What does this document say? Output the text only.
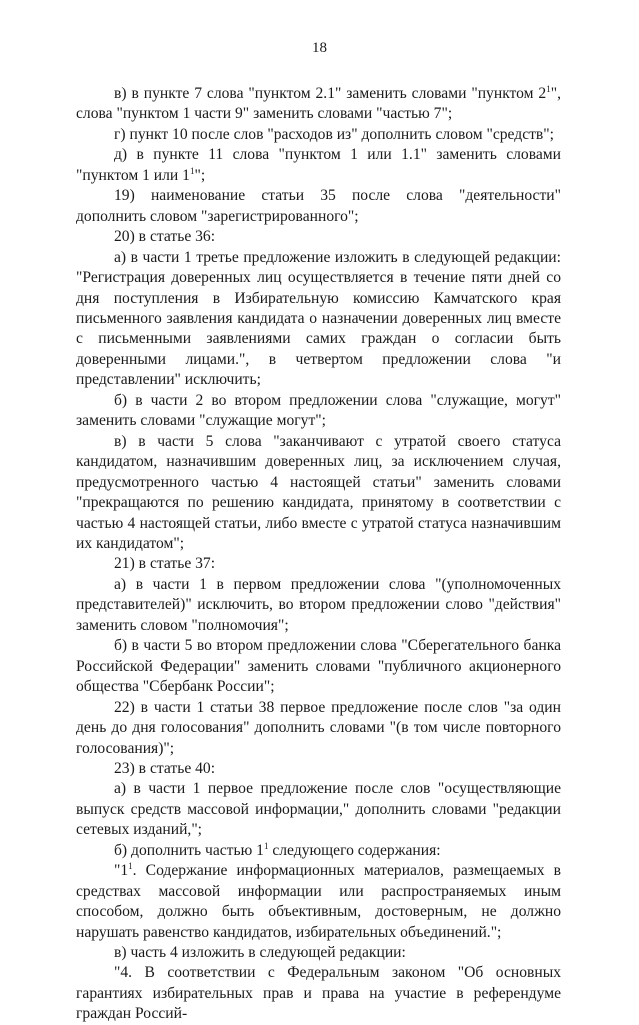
18

в) в пункте 7 слова "пунктом 2.1" заменить словами "пунктом $2^1$", слова "пунктом 1 части 9" заменить словами "частью 7";

г) пункт 10 после слов "расходов из" дополнить словом "средств";

д) в пункте 11 слова "пунктом 1 или 1.1" заменить словами "пунктом 1 или $1^1$";

19) наименование статьи 35 после слова "деятельности" дополнить словом "зарегистрированного";

20) в статье 36:

а) в части 1 третье предложение изложить в следующей редакции: "Регистрация доверенных лиц осуществляется в течение пяти дней со дня поступления в Избирательную комиссию Камчатского края письменного заявления кандидата о назначении доверенных лиц вместе с письменными заявлениями самих граждан о согласии быть доверенными лицами.", в четвертом предложении слова "и представлении" исключить;

б) в части 2 во втором предложении слова "служащие, могут" заменить словами "служащие могут";

в) в части 5 слова "заканчивают с утратой своего статуса кандидатом, назначившим доверенных лиц, за исключением случая, предусмотренного частью 4 настоящей статьи" заменить словами "прекращаются по решению кандидата, принятому в соответствии с частью 4 настоящей статьи, либо вместе с утратой статуса назначившим их кандидатом";

21) в статье 37:

а) в части 1 в первом предложении слова "(уполномоченных представителей)" исключить, во втором предложении слово "действия" заменить словом "полномочия";

б) в части 5 во втором предложении слова "Сберегательного банка Российской Федерации" заменить словами "публичного акционерного общества "Сбербанк России";

22) в части 1 статьи 38 первое предложение после слов "за один день до дня голосования" дополнить словами "(в том числе повторного голосования)";

23) в статье 40:

а) в части 1 первое предложение после слов "осуществляющие выпуск средств массовой информации," дополнить словами "редакции сетевых изданий,";

б) дополнить частью $1^1$ следующего содержания:

"$1^1$. Содержание информационных материалов, размещаемых в средствах массовой информации или распространяемых иным способом, должно быть объективным, достоверным, не должно нарушать равенство кандидатов, избирательных объединений.";

в) часть 4 изложить в следующей редакции:

"4. В соответствии с Федеральным законом "Об основных гарантиях избирательных прав и права на участие в референдуме граждан Россий-
